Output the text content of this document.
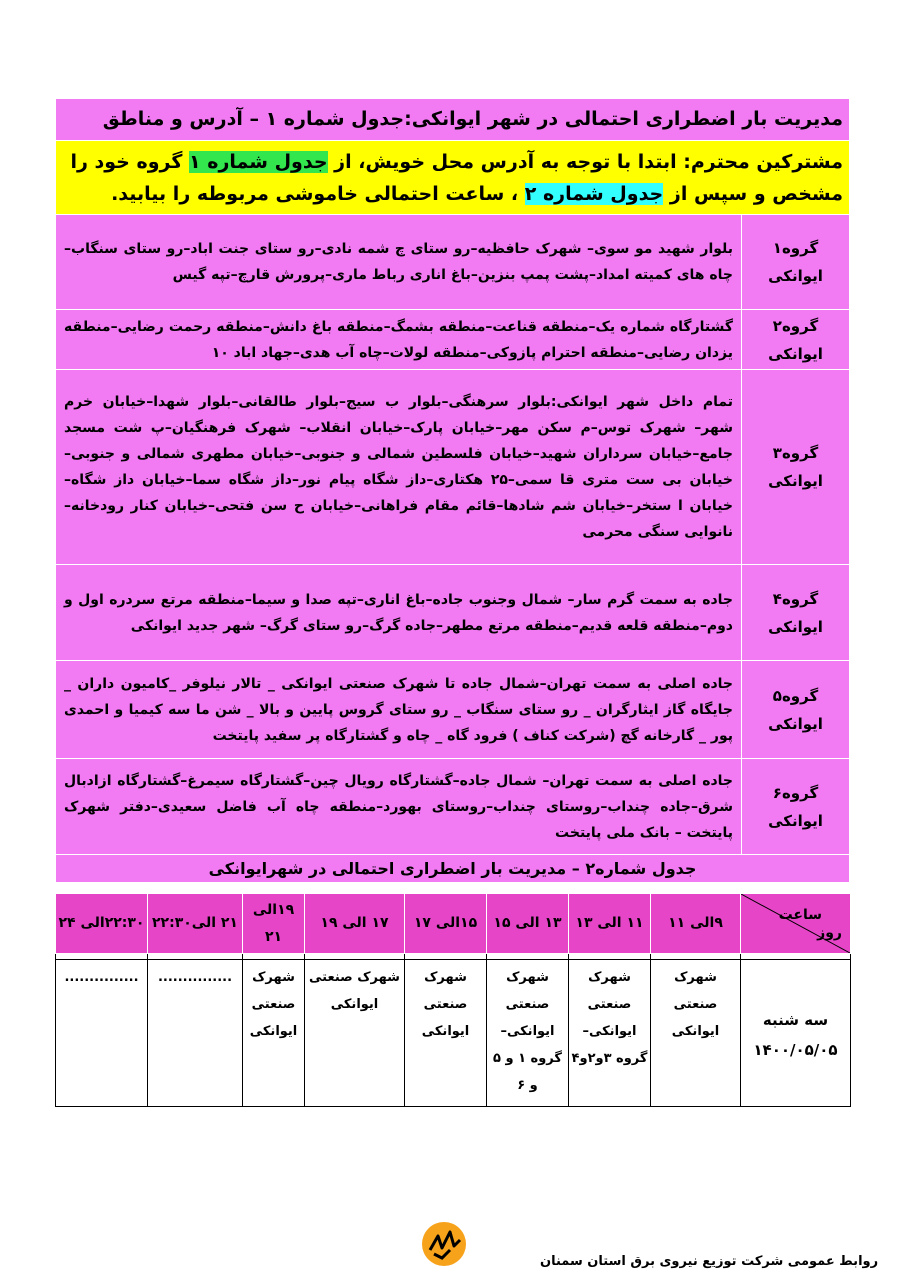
مدیریت بار اضطراری احتمالی در شهر ایوانکی:جدول شماره ۱ – آدرس و مناطق	
مشترکین محترم: ابتدا با توجه به آدرس محل خویش، از جدول شماره ۱ گروه خود را
مشخص و سپس از جدول شماره ۲ ، ساعت احتمالی خاموشی مربوطه را بیابید.	
گروه۱
ایوانکی	بلوار شهید مو سوی– شهرک حافظیه–رو ستای چ شمه نادی–رو ستای جنت اباد–رو ستای سنگاب–چاه های کمیته امداد–پشت پمپ بنزین–باغ اناری رباط ماری–پرورش قارچ–تپه گیس
گروه۲
ایوانکی	گشتارگاه شماره یک–منطقه قناعت–منطقه بشمگ–منطقه باغ دانش–منطقه رحمت رضایی–منطقه یزدان رضایی–منطقه احترام پازوکی–منطقه لولات–چاه آب هدی–جهاد اباد ۱۰
گروه۳
ایوانکی	تمام داخل شهر ایوانکی:بلوار سرهنگی–بلوار ب سیج–بلوار طالقانی–بلوار شهدا–خیابان خرم شهر– شهرک توس–م سکن مهر–خیابان پارک–خیابان انقلاب– شهرک فرهنگیان–پ شت مسجد جامع–خیابان سرداران شهید–خیابان فلسطین شمالی و جنوبی–خیابان مطهری شمالی و جنوبی–خیابان بی ست متری قا سمی–۲۵ هکتاری–داز شگاه پیام نور–داز شگاه سما–خیابان داز شگاه–خیابان ا ستخر–خیابان شم شادها–قائم مقام فراهانی–خیابان ح سن فتحی–خیابان کنار رودخانه–نانوایی سنگی محرمی
گروه۴
ایوانکی	جاده به سمت گرم سار– شمال وجنوب جاده–باغ اناری–تپه صدا و سیما–منطقه مرتع سردره اول و دوم–منطقه قلعه قدیم–منطقه مرتع مطهر–جاده گرگ–رو ستای گرگ– شهر جدید ایوانکی
گروه۵
ایوانکی	جاده اصلی به سمت تهران–شمال جاده تا شهرک صنعتی ایوانکی _ تالار نیلوفر _کامیون داران _ جایگاه گاز ایثارگران _ رو ستای سنگاب _ رو ستای گروس پایین و بالا _ شن ما سه کیمیا و احمدی پور _ گارخانه گچ (شرکت کناف ) فرود گاه _ چاه و گشتارگاه پر سفید پایتخت
گروه۶
ایوانکی	جاده اصلی به سمت تهران– شمال جاده–گشتارگاه رویال چین–گشتارگاه سیمرغ–گشتارگاه ازادبال شرق–جاده چنداب–روستای چنداب–روستای بهورد–منطقه چاه آب فاضل سعیدی–دفتر شهرک پایتخت – بانک ملی پایتخت
جدول شماره۲ – مدیریت بار اضطراری احتمالی در شهرایوانکی	
ساعت
روز	۹الی ۱۱	۱۱ الی ۱۳	۱۳ الی ۱۵	۱۵الی ۱۷	۱۷ الی ۱۹	۱۹الی ۲۱	۲۱ الی۲۲:۳۰	۲۲:۳۰الی ۲۴

سه شنبه
۱۴۰۰/۰۵/۰۵	شهرک صنعتی ایوانکی	شهرک صنعتی ایوانکی– گروه ۳و۲و۴	شهرک صنعتی ایوانکی– گروه ۱ و ۵ و ۶	شهرک صنعتی ایوانکی	شهرک صنعتی ایوانکی	شهرک صنعتی ایوانکی	...............	...............
روابط عمومی شرکت توزیع نیروی برق استان سمنان
